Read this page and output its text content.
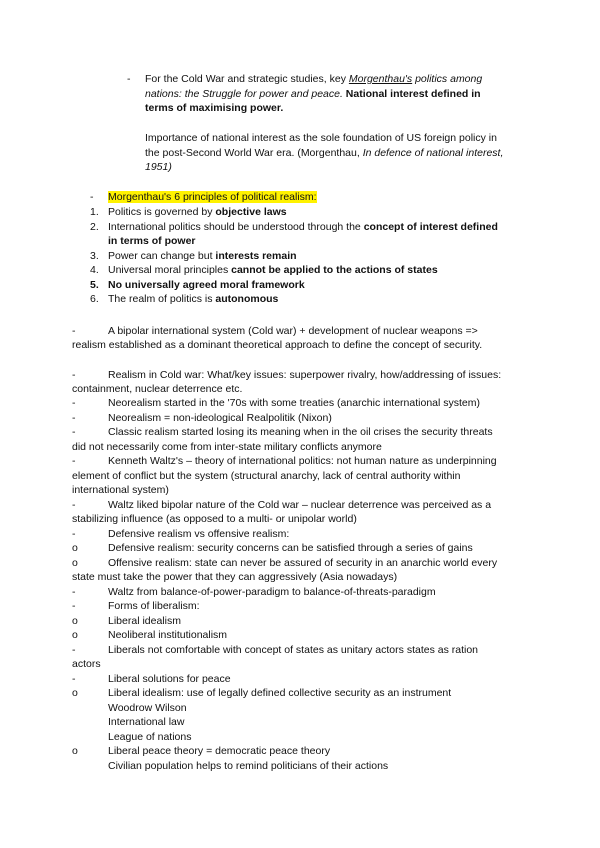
- For the Cold War and strategic studies, key Morgenthau's politics among
nations: the Struggle for power and peace. National interest defined in
terms of maximising power.
Importance of national interest as the sole foundation of US foreign policy in
the post-Second World War era. (Morgenthau, In defence of national interest,
1951)
- Morgenthau's 6 principles of political realism:
1. Politics is governed by objective laws
2. International politics should be understood through the concept of interest defined
in terms of power
3. Power can change but interests remain
4. Universal moral principles cannot be applied to the actions of states
5. No universally agreed moral framework
6. The realm of politics is autonomous
-	A bipolar international system (Cold war) + development of nuclear weapons =>
realism established as a dominant theoretical approach to define the concept of security.
-	Realism in Cold war: What/key issues: superpower rivalry, how/addressing of issues:
containment, nuclear deterrence etc.
-	Neorealism started in the '70s with some treaties (anarchic international system)
-	Neorealism = non-ideological Realpolitik (Nixon)
-	Classic realism started losing its meaning when in the oil crises the security threats
did not necessarily come from inter-state military conflicts anymore
-	Kenneth Waltz's – theory of international politics: not human nature as underpinning
element of conflict but the system (structural anarchy, lack of central authority within
international system)
-	Waltz liked bipolar nature of the Cold war – nuclear deterrence was perceived as a
stabilizing influence (as opposed to a multi- or unipolar world)
-	Defensive realism vs offensive realism:
o	Defensive realism: security concerns can be satisfied through a series of gains
o	Offensive realism: state can never be assured of security in an anarchic world every
state must take the power that they can aggressively (Asia nowadays)
-	Waltz from balance-of-power-paradigm to balance-of-threats-paradigm
-	Forms of liberalism:
o	Liberal idealism
o	Neoliberal institutionalism
-	Liberals not comfortable with concept of states as unitary actors states as ration
actors
-	Liberal solutions for peace
o	Liberal idealism: use of legally defined collective security as an instrument
Woodrow Wilson
International law
League of nations
o	Liberal peace theory = democratic peace theory
Civilian population helps to remind politicians of their actions
